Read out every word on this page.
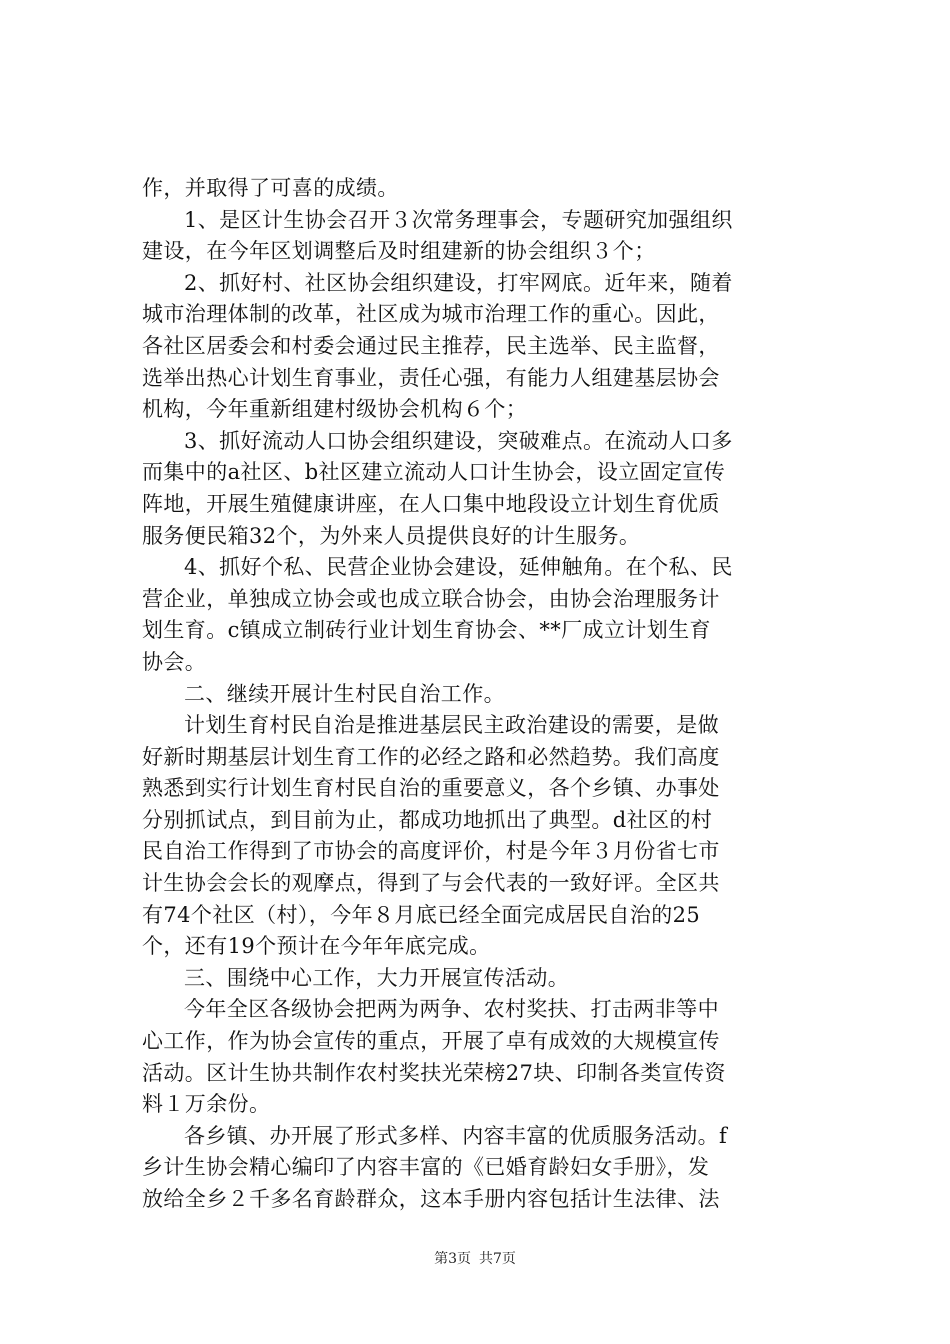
作，并取得了可喜的成绩。
1、是区计生协会召开３次常务理事会，专题研究加强组织
建设，在今年区划调整后及时组建新的协会组织３个；
2、抓好村、社区协会组织建设，打牢网底。近年来，随着
城市治理体制的改革，社区成为城市治理工作的重心。因此，
各社区居委会和村委会通过民主推荐，民主选举、民主监督，
选举出热心计划生育事业，责任心强，有能力人组建基层协会
机构，今年重新组建村级协会机构６个；
3、抓好流动人口协会组织建设，突破难点。在流动人口多
而集中的a社区、b社区建立流动人口计生协会，设立固定宣传
阵地，开展生殖健康讲座，在人口集中地段设立计划生育优质
服务便民箱32个，为外来人员提供良好的计生服务。
4、抓好个私、民营企业协会建设，延伸触角。在个私、民
营企业，单独成立协会或也成立联合协会，由协会治理服务计
划生育。c镇成立制砖行业计划生育协会、**厂成立计划生育
协会。
二、继续开展计生村民自治工作。
计划生育村民自治是推进基层民主政治建设的需要，是做
好新时期基层计划生育工作的必经之路和必然趋势。我们高度
熟悉到实行计划生育村民自治的重要意义，各个乡镇、办事处
分别抓试点，到目前为止，都成功地抓出了典型。d社区的村
民自治工作得到了市协会的高度评价，村是今年３月份省七市
计生协会会长的观摩点，得到了与会代表的一致好评。全区共
有74个社区（村），今年８月底已经全面完成居民自治的25
个，还有19个预计在今年年底完成。
三、围绕中心工作，大力开展宣传活动。
今年全区各级协会把两为两争、农村奖扶、打击两非等中
心工作，作为协会宣传的重点，开展了卓有成效的大规模宣传
活动。区计生协共制作农村奖扶光荣榜27块、印制各类宣传资
料１万余份。
各乡镇、办开展了形式多样、内容丰富的优质服务活动。f
乡计生协会精心编印了内容丰富的《已婚育龄妇女手册》，发
放给全乡２千多名育龄群众，这本手册内容包括计生法律、法
第3页 共7页
